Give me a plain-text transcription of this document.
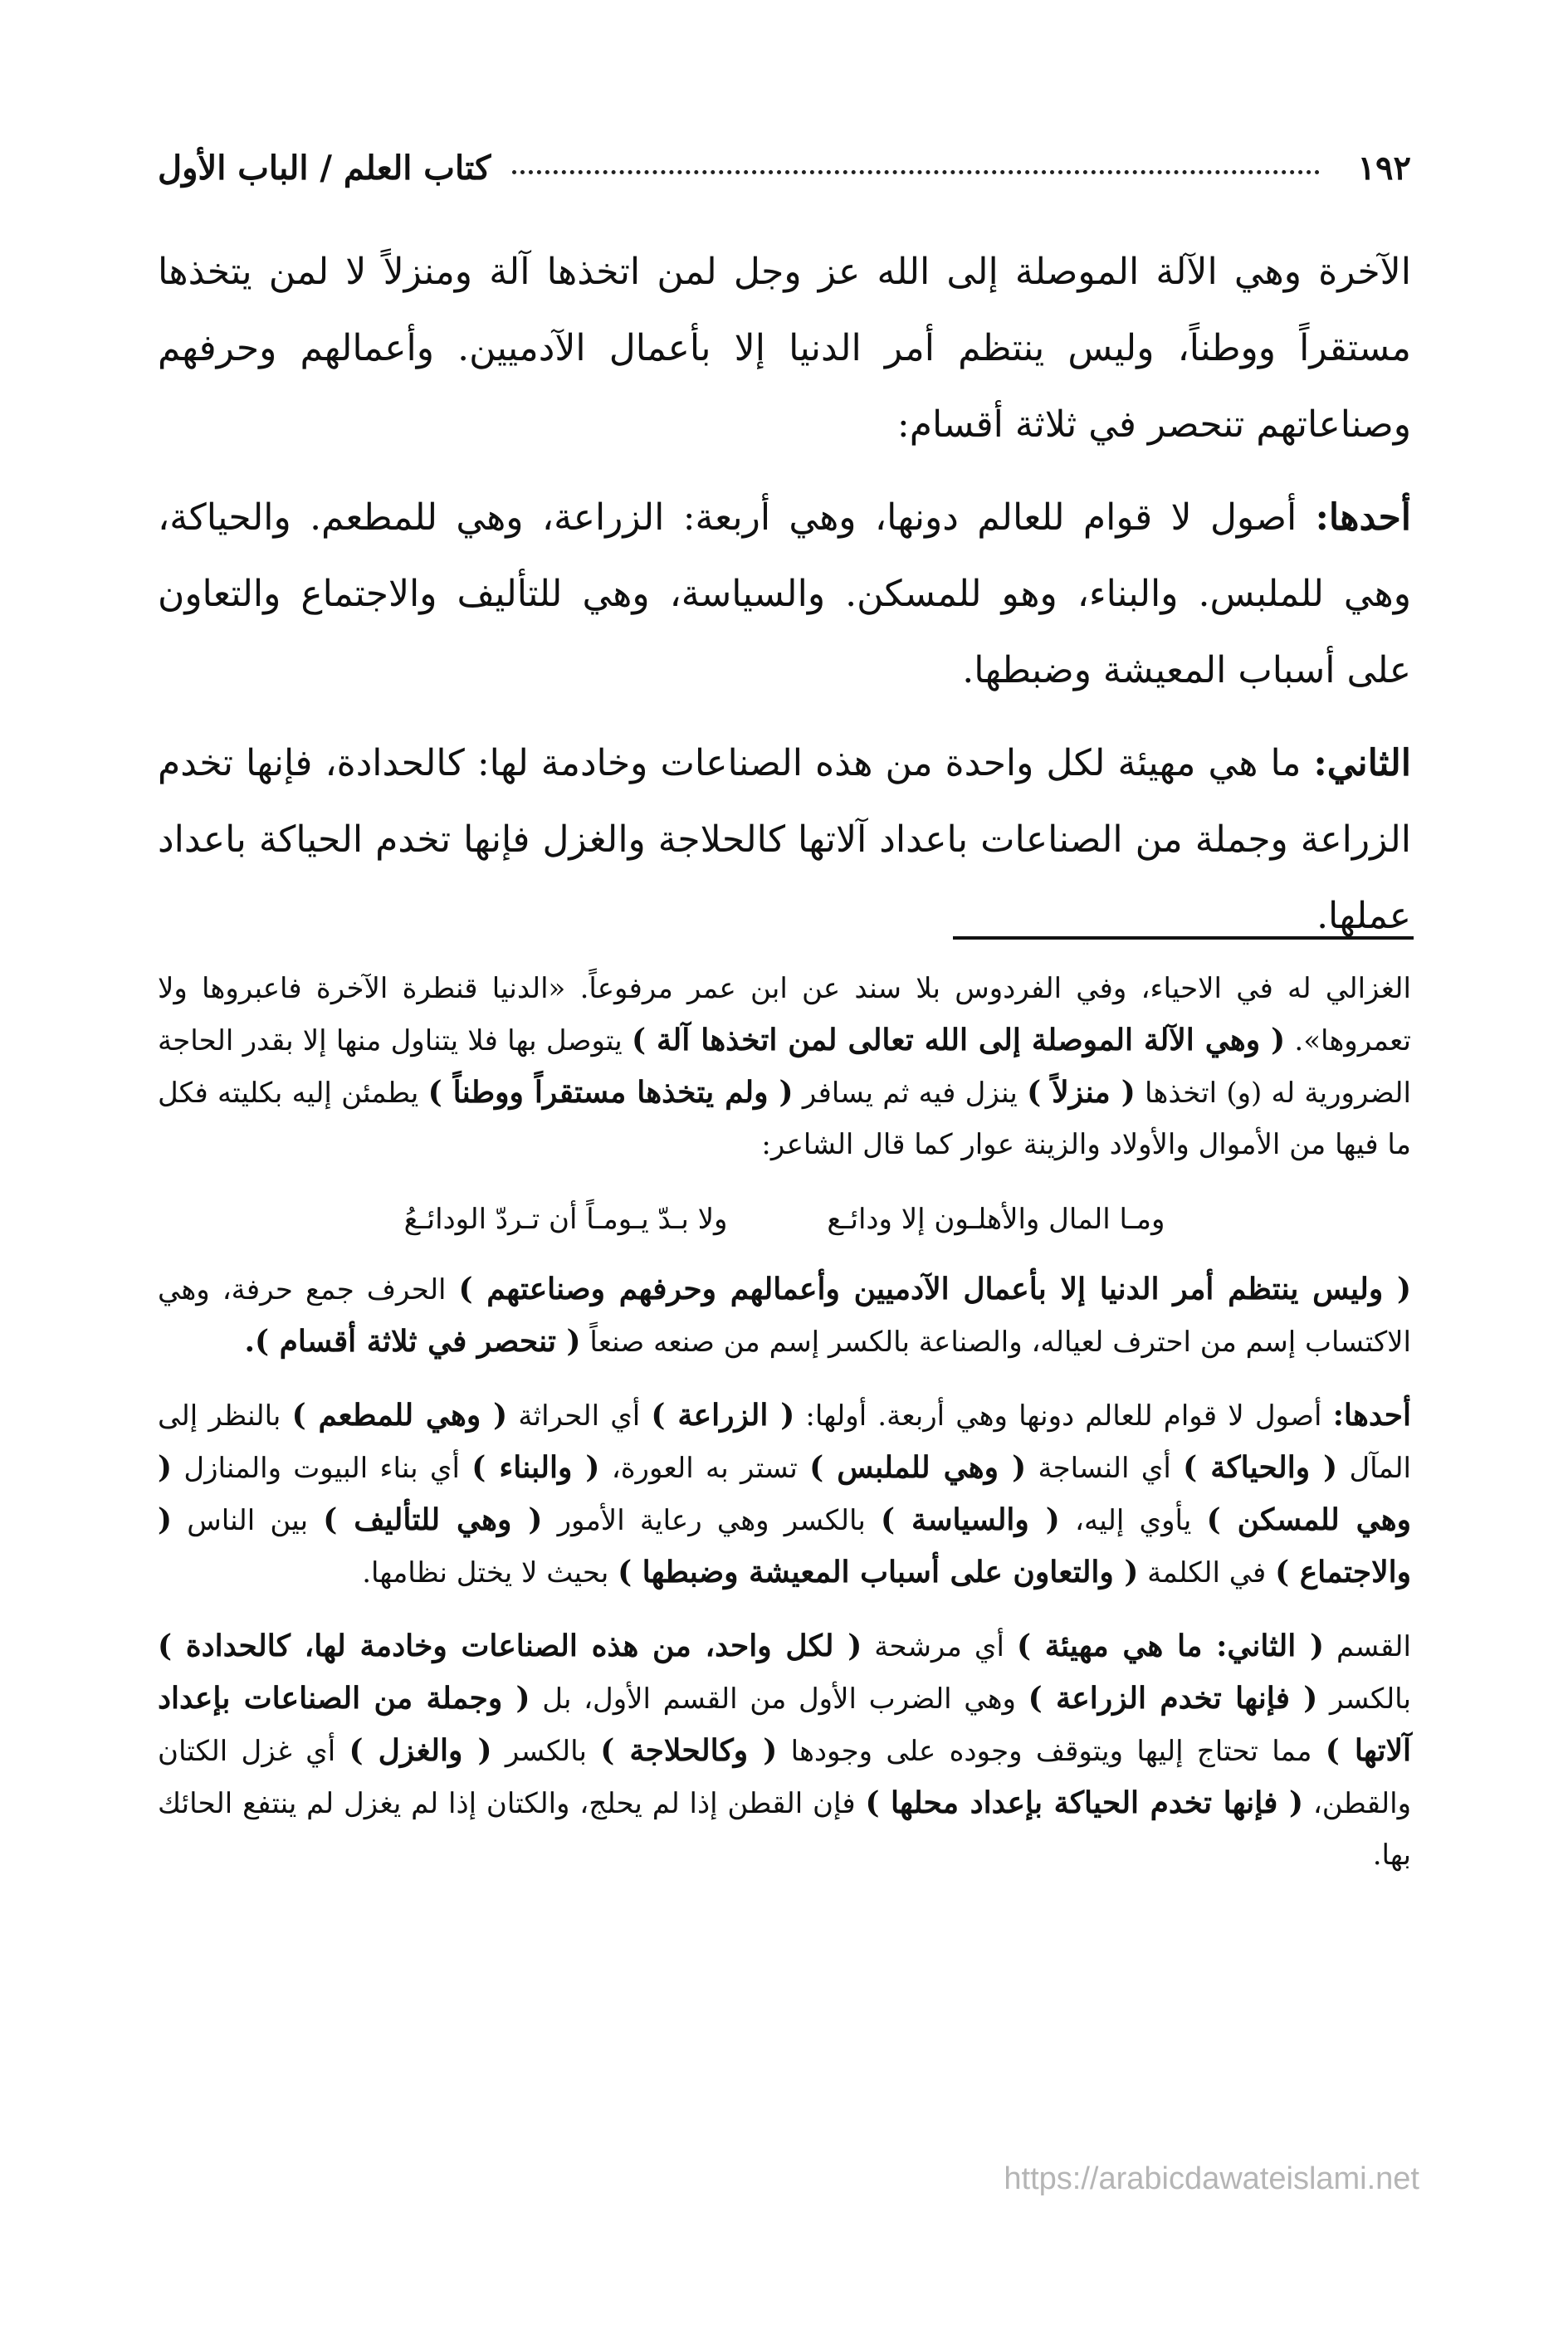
١٩٢
كتاب العلم / الباب الأول

الآخرة وهي الآلة الموصلة إلى الله عز وجل لمن اتخذها آلة ومنزلاً لا لمن يتخذها مستقراً ووطناً، وليس ينتظم أمر الدنيا إلا بأعمال الآدميين. وأعمالهم وحرفهم وصناعاتهم تنحصر في ثلاثة أقسام:

أحدها: أصول لا قوام للعالم دونها، وهي أربعة: الزراعة، وهي للمطعم. والحياكة، وهي للملبس. والبناء، وهو للمسكن. والسياسة، وهي للتأليف والاجتماع والتعاون على أسباب المعيشة وضبطها.

الثاني: ما هي مهيئة لكل واحدة من هذه الصناعات وخادمة لها: كالحدادة، فإنها تخدم الزراعة وجملة من الصناعات باعداد آلاتها كالحلاجة والغزل فإنها تخدم الحياكة باعداد عملها.

الغزالي له في الاحياء، وفي الفردوس بلا سند عن ابن عمر مرفوعاً. «الدنيا قنطرة الآخرة فاعبروها ولا تعمروها». ( وهي الآلة الموصلة إلى الله تعالى لمن اتخذها آلة ) يتوصل بها فلا يتناول منها إلا بقدر الحاجة الضرورية له (و) اتخذها ( منزلاً ) ينزل فيه ثم يسافر ( ولم يتخذها مستقراً ووطناً ) يطمئن إليه بكليته فكل ما فيها من الأموال والأولاد والزينة عوار كما قال الشاعر:

ومـا المال والأهلـون إلا ودائـع
ولا بـدّ يـومـاً أن تـردّ الودائـعُ

( وليس ينتظم أمر الدنيا إلا بأعمال الآدميين وأعمالهم وحرفهم وصناعتهم ) الحرف جمع حرفة، وهي الاكتساب إسم من احترف لعياله، والصناعة بالكسر إسم من صنعه صنعاً ( تنحصر في ثلاثة أقسام ).

أحدها: أصول لا قوام للعالم دونها وهي أربعة. أولها: ( الزراعة ) أي الحراثة ( وهي للمطعم ) بالنظر إلى المآل ( والحياكة ) أي النساجة ( وهي للملبس ) تستر به العورة، ( والبناء ) أي بناء البيوت والمنازل ( وهي للمسكن ) يأوي إليه، ( والسياسة ) بالكسر وهي رعاية الأمور ( وهي للتأليف ) بين الناس ( والاجتماع ) في الكلمة ( والتعاون على أسباب المعيشة وضبطها ) بحيث لا يختل نظامها.

القسم ( الثاني: ما هي مهيئة ) أي مرشحة ( لكل واحد، من هذه الصناعات وخادمة لها، كالحدادة ) بالكسر ( فإنها تخدم الزراعة ) وهي الضرب الأول من القسم الأول، بل ( وجملة من الصناعات بإعداد آلاتها ) مما تحتاج إليها ويتوقف وجوده على وجودها ( وكالحلاجة ) بالكسر ( والغزل ) أي غزل الكتان والقطن، ( فإنها تخدم الحياكة بإعداد محلها ) فإن القطن إذا لم يحلج، والكتان إذا لم يغزل لم ينتفع الحائك بها.

https://arabicdawateislami.net
